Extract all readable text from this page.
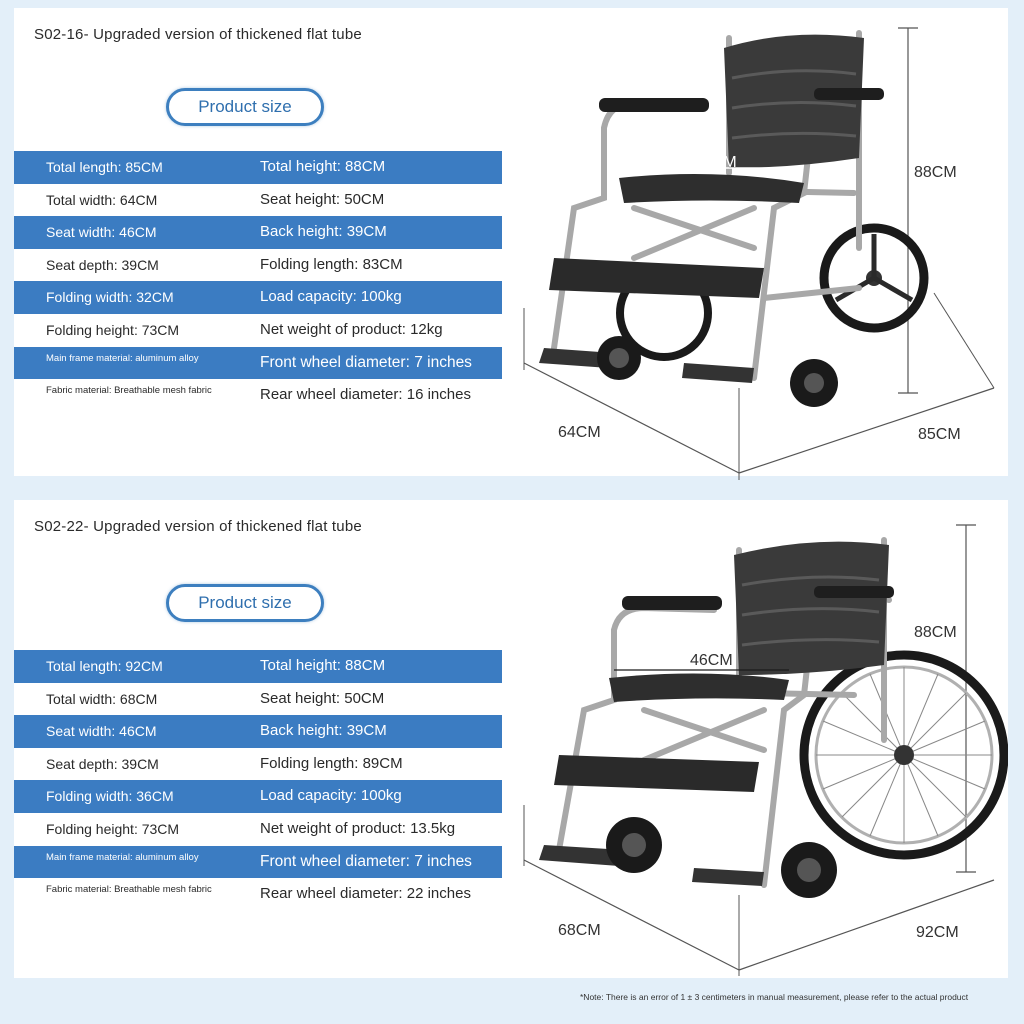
S02-16- Upgraded version of thickened flat tube
Product size
Total length: 85CM	Total height: 88CM
Total width: 64CM	Seat height: 50CM
Seat width: 46CM	Back height: 39CM
Seat depth: 39CM	Folding length: 83CM
Folding width: 32CM	Load capacity: 100kg
Folding height: 73CM	Net weight of product: 12kg
Main frame material: aluminum alloy	Front wheel diameter: 7 inches
Fabric material: Breathable mesh fabric	Rear wheel diameter: 16 inches
46CM
88CM
64CM	85CM
S02-22- Upgraded version of thickened flat tube
Product size
Total length: 92CM	Total height: 88CM
Total width: 68CM	Seat height: 50CM
Seat width: 46CM	Back height: 39CM
Seat depth: 39CM	Folding length: 89CM
Folding width: 36CM	Load capacity: 100kg
Folding height: 73CM	Net weight of product: 13.5kg
Main frame material: aluminum alloy	Front wheel diameter: 7 inches
Fabric material: Breathable mesh fabric	Rear wheel diameter: 22 inches
46CM
88CM
68CM	92CM
*Note: There is an error of 1 ± 3 centimeters in manual measurement, please refer to the actual product
